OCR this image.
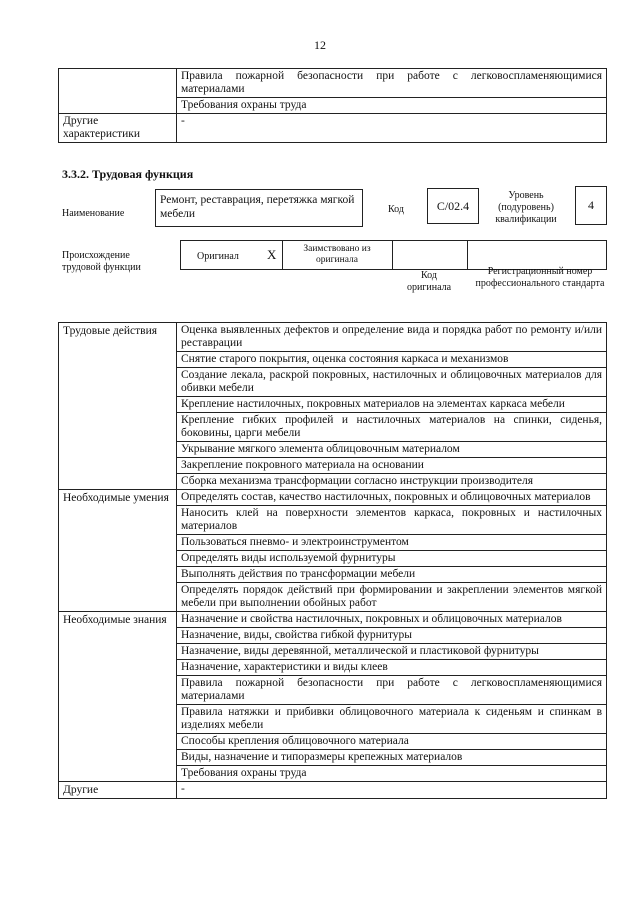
12
	Правила пожарной безопасности при работе с легковоспламеняющимися материалами
	Требования охраны труда
Другие характеристики	-
3.3.2. Трудовая функция
Наименование
Ремонт, реставрация, перетяжка мягкой мебели	Код	C/02.4
Уровень (подуровень) квалификации
4
Происхождение трудовой функции
Оригинал X	Заимствовано из оригинала
Код оригинала
Регистрационный номер профессионального стандарта
Трудовые действия	Оценка выявленных дефектов и определение вида и порядка работ по ремонту и/или реставрации
	Снятие старого покрытия, оценка состояния каркаса и механизмов
	Создание лекала, раскрой покровных, настилочных и облицовочных материалов для обивки мебели
	Крепление настилочных, покровных материалов на элементах каркаса мебели
	Крепление гибких профилей и настилочных материалов на спинки, сиденья, боковины, царги мебели
	Укрывание мягкого элемента облицовочным материалом
	Закрепление покровного материала на основании
	Сборка механизма трансформации согласно инструкции производителя
Необходимые умения	Определять состав, качество настилочных, покровных и облицовочных материалов
	Наносить клей на поверхности элементов каркаса, покровных и настилочных материалов
	Пользоваться пневмо- и электроинструментом
	Определять виды используемой фурнитуры
	Выполнять действия по трансформации мебели
	Определять порядок действий при формировании и закреплении элементов мягкой мебели при выполнении обойных работ
Необходимые знания	Назначение и свойства настилочных, покровных и облицовочных материалов
	Назначение, виды, свойства гибкой фурнитуры
	Назначение, виды деревянной, металлической и пластиковой фурнитуры
	Назначение, характеристики и виды клеев
	Правила пожарной безопасности при работе с легковоспламеняющимися материалами
	Правила натяжки и прибивки облицовочного материала к сиденьям и спинкам в изделиях мебели
	Способы крепления облицовочного материала
	Виды, назначение и типоразмеры крепежных материалов
	Требования охраны труда
Другие	-
